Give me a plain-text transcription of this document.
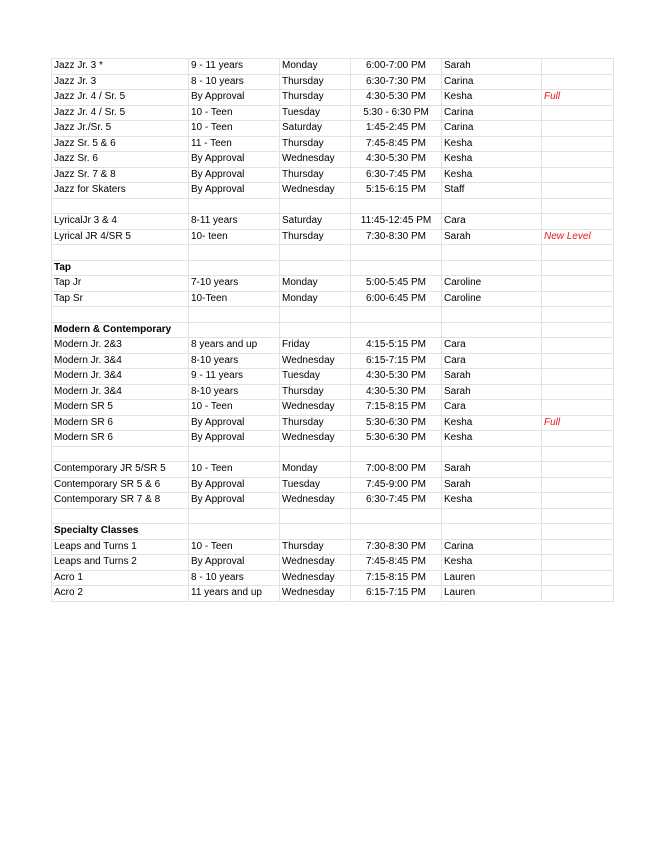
Jazz Jr. 3 *	9 - 11 years	Monday	6:00-7:00 PM	Sarah	
Jazz Jr. 3	8 - 10 years	Thursday	6:30-7:30 PM	Carina	
Jazz Jr. 4 / Sr. 5	By Approval	Thursday	4:30-5:30 PM	Kesha	Full
Jazz Jr. 4 / Sr. 5	10 - Teen	Tuesday	5:30 - 6:30 PM	Carina	
Jazz Jr./Sr. 5	10 - Teen	Saturday	1:45-2:45 PM	Carina	
Jazz Sr. 5 & 6	11 - Teen	Thursday	7:45-8:45 PM	Kesha	
Jazz Sr. 6	By Approval	Wednesday	4:30-5:30 PM	Kesha	
Jazz Sr. 7 & 8	By Approval	Thursday	6:30-7:45 PM	Kesha	
Jazz for Skaters	By Approval	Wednesday	5:15-6:15 PM	Staff	

LyricalJr 3 & 4	8-11 years	Saturday	11:45-12:45 PM	Cara	
Lyrical JR 4/SR 5	10- teen	Thursday	7:30-8:30 PM	Sarah	New Level

Tap					
Tap Jr	7-10 years	Monday	5:00-5:45 PM	Caroline	
Tap Sr	10-Teen	Monday	6:00-6:45 PM	Caroline	

Modern & Contemporary					
Modern Jr. 2&3	8 years and up	Friday	4:15-5:15 PM	Cara	
Modern Jr. 3&4	8-10 years	Wednesday	6:15-7:15 PM	Cara	
Modern Jr. 3&4	9 - 11 years	Tuesday	4:30-5:30 PM	Sarah	
Modern Jr. 3&4	8-10 years	Thursday	4:30-5:30 PM	Sarah	
Modern SR 5	10 - Teen	Wednesday	7:15-8:15 PM	Cara	
Modern SR 6	By Approval	Thursday	5:30-6:30 PM	Kesha	Full
Modern SR 6	By Approval	Wednesday	5:30-6:30 PM	Kesha	

Contemporary JR 5/SR 5	10 - Teen	Monday	7:00-8:00 PM	Sarah	
Contemporary SR 5 & 6	By Approval	Tuesday	7:45-9:00 PM	Sarah	
Contemporary SR 7 & 8	By Approval	Wednesday	6:30-7:45 PM	Kesha	

Specialty Classes					
Leaps and Turns 1	10 - Teen	Thursday	7:30-8:30 PM	Carina	
Leaps and Turns 2	By Approval	Wednesday	7:45-8:45 PM	Kesha	
Acro 1	8 - 10 years	Wednesday	7:15-8:15 PM	Lauren	
Acro 2	11 years and up	Wednesday	6:15-7:15 PM	Lauren	
